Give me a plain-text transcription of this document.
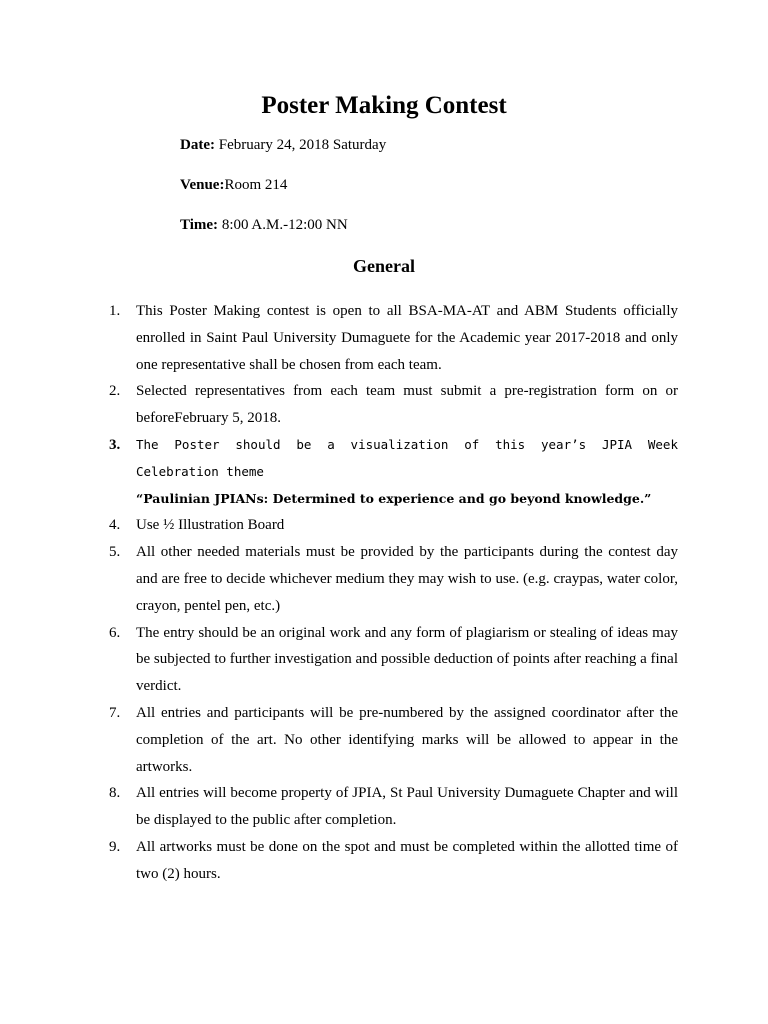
Poster Making Contest
Date: February 24, 2018 Saturday
Venue:Room 214
Time: 8:00 A.M.-12:00 NN
General
1. This Poster Making contest is open to all BSA-MA-AT and ABM Students officially enrolled in Saint Paul University Dumaguete for the Academic year 2017-2018 and only one representative shall be chosen from each team.
2. Selected representatives from each team must submit a pre-registration form on or beforeFebruary 5, 2018.
3. The Poster should be a visualization of this year’s JPIA Week Celebration theme
“Paulinian JPIANs: Determined to experience and go beyond knowledge.”
4. Use ½ Illustration Board
5. All other needed materials must be provided by the participants during the contest day and are free to decide whichever medium they may wish to use. (e.g. craypas, water color, crayon, pentel pen, etc.)
6. The entry should be an original work and any form of plagiarism or stealing of ideas may be subjected to further investigation and possible deduction of points after reaching a final verdict.
7. All entries and participants will be pre-numbered by the assigned coordinator after the completion of the art. No other identifying marks will be allowed to appear in the artworks.
8. All entries will become property of JPIA, St Paul University Dumaguete Chapter and will be displayed to the public after completion.
9. All artworks must be done on the spot and must be completed within the allotted time of two (2) hours.
